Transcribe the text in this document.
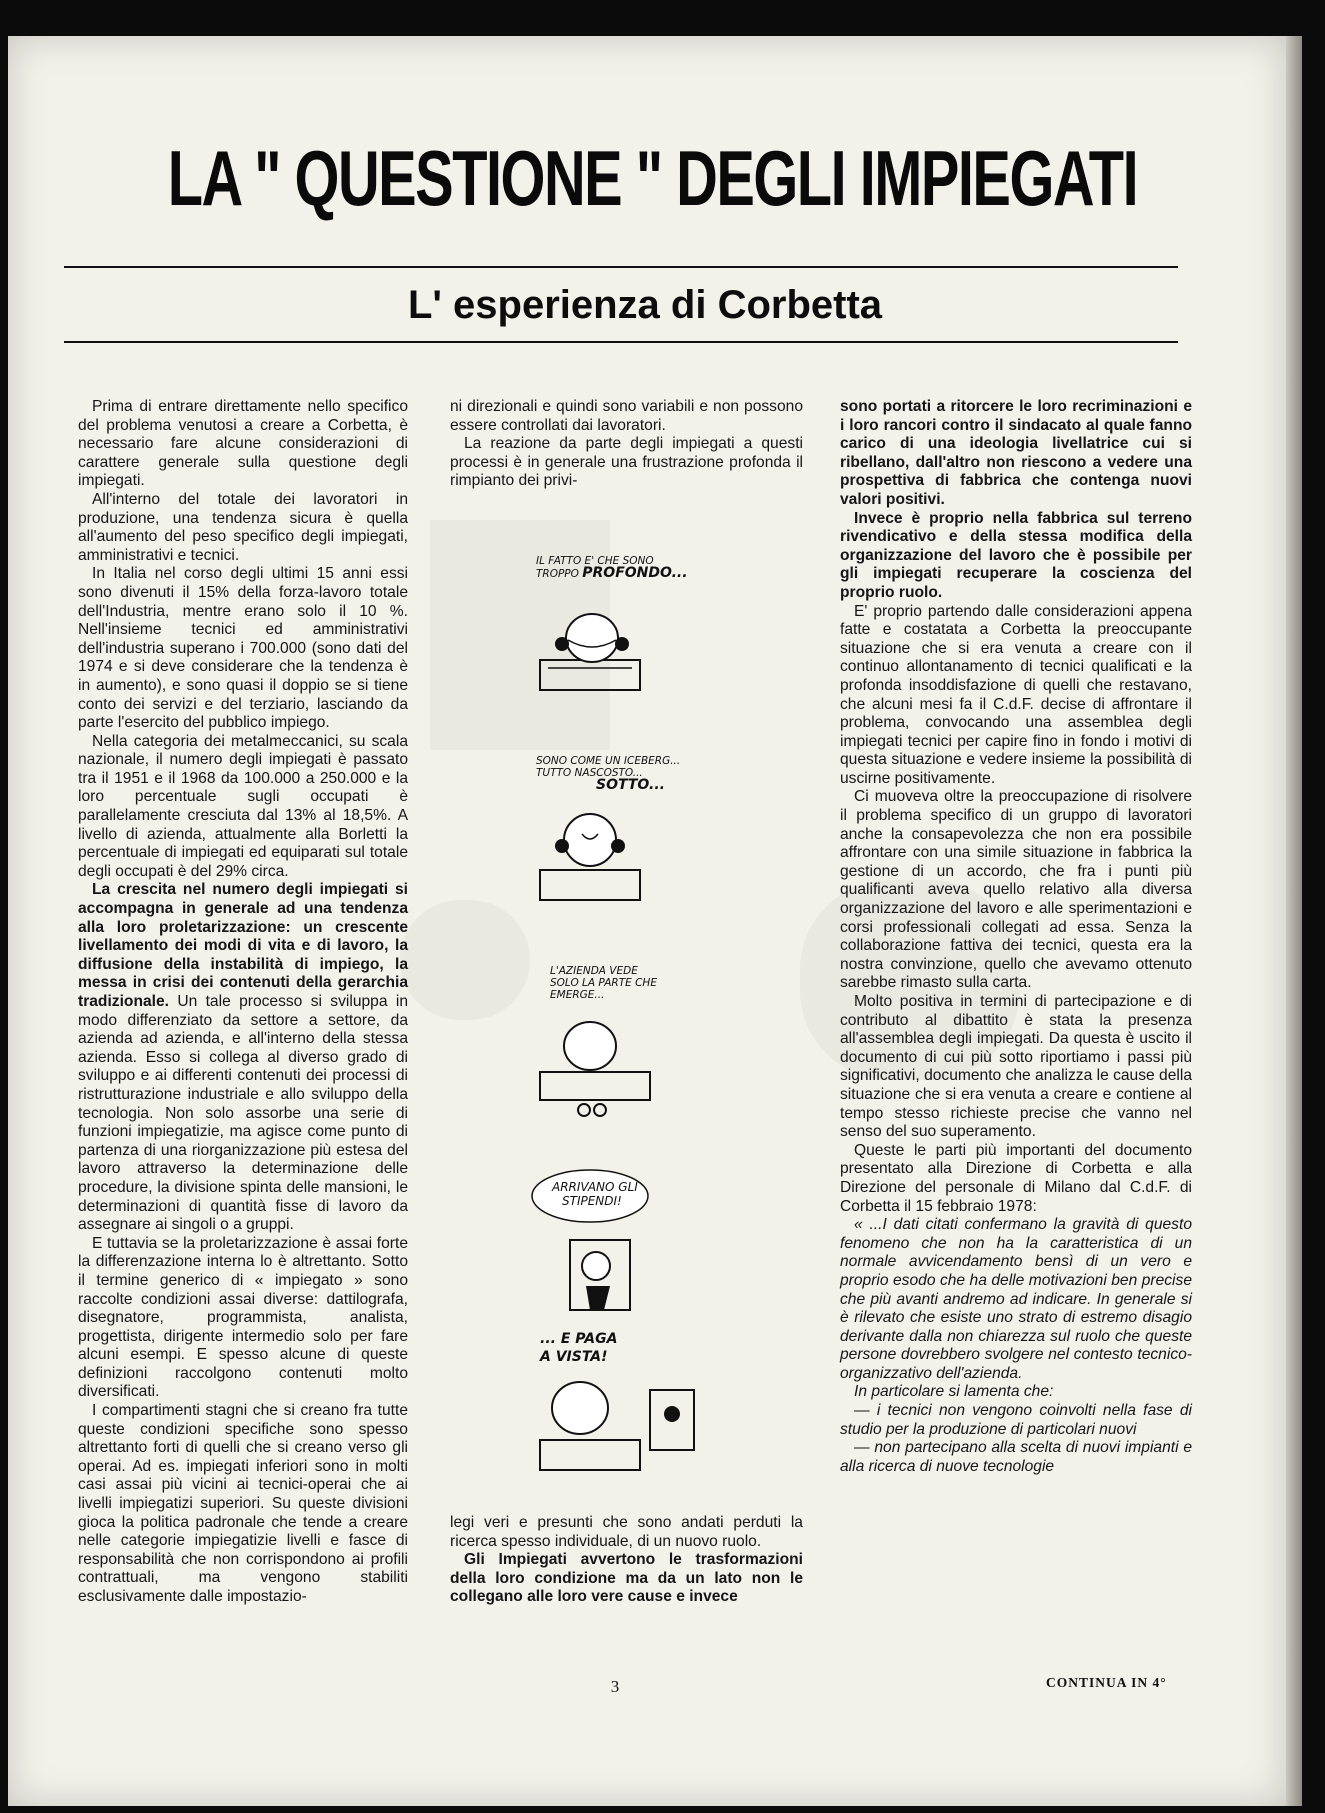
LA " QUESTIONE " DEGLI IMPIEGATI
L' esperienza di Corbetta

Prima di entrare direttamente nello specifico del problema venutosi a creare a Corbetta, è necessario fare alcune considerazioni di carattere generale sulla questione degli impiegati.

All'interno del totale dei lavoratori in produzione, una tendenza sicura è quella all'aumento del peso specifico degli impiegati, amministrativi e tecnici.

In Italia nel corso degli ultimi 15 anni essi sono divenuti il 15% della forza-lavoro totale dell'Industria, mentre erano solo il 10 %. Nell'insieme tecnici ed amministrativi dell'industria superano i 700.000 (sono dati del 1974 e si deve considerare che la tendenza è in aumento), e sono quasi il doppio se si tiene conto dei servizi e del terziario, lasciando da parte l'esercito del pubblico impiego.

Nella categoria dei metalmeccanici, su scala nazionale, il numero degli impiegati è passato tra il 1951 e il 1968 da 100.000 a 250.000 e la loro percentuale sugli occupati è parallelamente cresciuta dal 13% al 18,5%. A livello di azienda, attualmente alla Borletti la percentuale di impiegati ed equiparati sul totale degli occupati è del 29% circa.

La crescita nel numero degli impiegati si accompagna in generale ad una tendenza alla loro proletarizzazione: un crescente livellamento dei modi di vita e di lavoro, la diffusione della instabilità di impiego, la messa in crisi dei contenuti della gerarchia tradizionale. Un tale processo si sviluppa in modo differenziato da settore a settore, da azienda ad azienda, e all'interno della stessa azienda. Esso si collega al diverso grado di sviluppo e ai differenti contenuti dei processi di ristrutturazione industriale e allo sviluppo della tecnologia. Non solo assorbe una serie di funzioni impiegatizie, ma agisce come punto di partenza di una riorganizzazione più estesa del lavoro attraverso la determinazione delle procedure, la divisione spinta delle mansioni, le determinazioni di quantità fisse di lavoro da assegnare ai singoli o a gruppi.

E tuttavia se la proletarizzazione è assai forte la differenzazione interna lo è altrettanto. Sotto il termine generico di « impiegato » sono raccolte condizioni assai diverse: dattilografa, disegnatore, programmista, analista, progettista, dirigente intermedio solo per fare alcuni esempi. E spesso alcune di queste definizioni raccolgono contenuti molto diversificati.

I compartimenti stagni che si creano fra tutte queste condizioni specifiche sono spesso altrettanto forti di quelli che si creano verso gli operai. Ad es. impiegati inferiori sono in molti casi assai più vicini ai tecnici-operai che ai livelli impiegatizi superiori. Su queste divisioni gioca la politica padronale che tende a creare nelle categorie impiegatizie livelli e fasce di responsabilità che non corrispondono ai profili contrattuali, ma vengono stabiliti esclusivamente dalle impostazio-

ni direzionali e quindi sono variabili e non possono essere controllati dai lavoratori.

La reazione da parte degli impiegati a questi processi è in generale una frustrazione profonda il rimpianto dei privi-

legi veri e presunti che sono andati perduti la ricerca spesso individuale, di un nuovo ruolo.

Gli Impiegati avvertono le trasformazioni della loro condizione ma da un lato non le collegano alle loro vere cause e invece

sono portati a ritorcere le loro recriminazioni e i loro rancori contro il sindacato al quale fanno carico di una ideologia livellatrice cui si ribellano, dall'altro non riescono a vedere una prospettiva di fabbrica che contenga nuovi valori positivi.

Invece è proprio nella fabbrica sul terreno rivendicativo e della stessa modifica della organizzazione del lavoro che è possibile per gli impiegati recuperare la coscienza del proprio ruolo.

E' proprio partendo dalle considerazioni appena fatte e costatata a Corbetta la preoccupante situazione che si era venuta a creare con il continuo allontanamento di tecnici qualificati e la profonda insoddisfazione di quelli che restavano, che alcuni mesi fa il C.d.F. decise di affrontare il problema, convocando una assemblea degli impiegati tecnici per capire fino in fondo i motivi di questa situazione e vedere insieme la possibilità di uscirne positivamente.

Ci muoveva oltre la preoccupazione di risolvere il problema specifico di un gruppo di lavoratori anche la consapevolezza che non era possibile affrontare con una simile situazione in fabbrica la gestione di un accordo, che fra i punti più qualificanti aveva quello relativo alla diversa organizzazione del lavoro e alle sperimentazioni e corsi professionali collegati ad essa. Senza la collaborazione fattiva dei tecnici, questa era la nostra convinzione, quello che avevamo ottenuto sarebbe rimasto sulla carta.

Molto positiva in termini di partecipazione e di contributo al dibattito è stata la presenza all'assemblea degli impiegati. Da questa è uscito il documento di cui più sotto riportiamo i passi più significativi, documento che analizza le cause della situazione che si era venuta a creare e contiene al tempo stesso richieste precise che vanno nel senso del suo superamento.

Queste le parti più importanti del documento presentato alla Direzione di Corbetta e alla Direzione del personale di Milano dal C.d.F. di Corbetta il 15 febbraio 1978:

« ...I dati citati confermano la gravità di questo fenomeno che non ha la caratteristica di un normale avvicendamento bensì di un vero e proprio esodo che ha delle motivazioni ben precise che più avanti andremo ad indicare. In generale si è rilevato che esiste uno strato di estremo disagio derivante dalla non chiarezza sul ruolo che queste persone dovrebbero svolgere nel contesto tecnico-organizzativo dell'azienda.

In particolare si lamenta che:

— i tecnici non vengono coinvolti nella fase di studio per la produzione di particolari nuovi

— non partecipano alla scelta di nuovi impianti e alla ricerca di nuove tecnologie

IL FATTO E' CHE SONO
TROPPO PROFONDO...
SONO COME UN ICEBERG...
TUTTO NASCOSTO...
SOTTO...
L'AZIENDA VEDE
SOLO LA PARTE CHE
EMERGE...
ARRIVANO GLI
STIPENDI!
... E PAGA
A VISTA!
3	CONTINUA IN 4°
